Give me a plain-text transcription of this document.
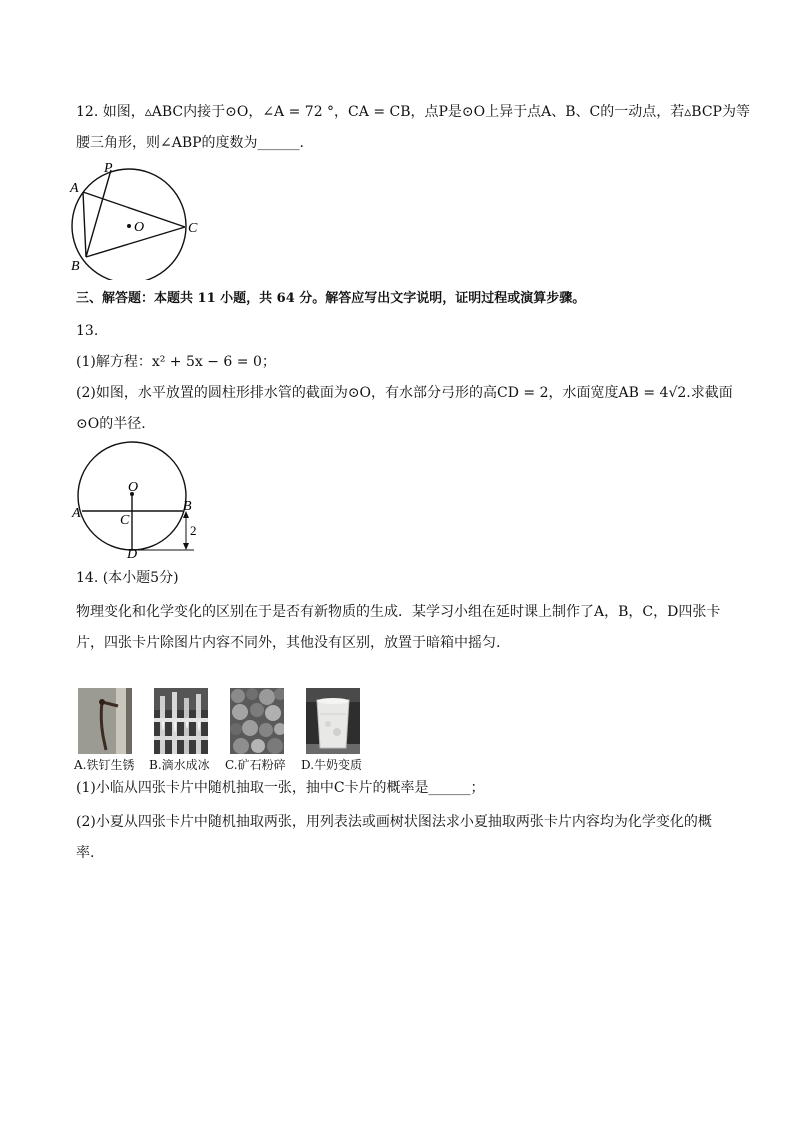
12. 如图，▵ABC内接于⊙O，∠A = 72 °，CA = CB，点P是⊙O上异于点A、B、C的一动点，若▵BCP为等
腰三角形，则∠ABP的度数为______.
P
A
O	C
B
三、解答题：本题共 11 小题，共 64 分。解答应写出文字说明，证明过程或演算步骤。
13.
(1)解方程：x² + 5x − 6 = 0；
(2)如图，水平放置的圆柱形排水管的截面为⊙O，有水部分弓形的高CD = 2，水面宽度AB = 4√2.求截面
⊙O的半径.
O
A	B
C
D
2
14. (本小题5分)
物理变化和化学变化的区别在于是否有新物质的生成．某学习小组在延时课上制作了A，B，C，D四张卡
片，四张卡片除图片内容不同外，其他没有区别，放置于暗箱中摇匀.
A.铁钉生锈 B.滴水成冰 C.矿石粉碎 D.牛奶变质
(1)小临从四张卡片中随机抽取一张，抽中C卡片的概率是______；
(2)小夏从四张卡片中随机抽取两张，用列表法或画树状图法求小夏抽取两张卡片内容均为化学变化的概
率.
